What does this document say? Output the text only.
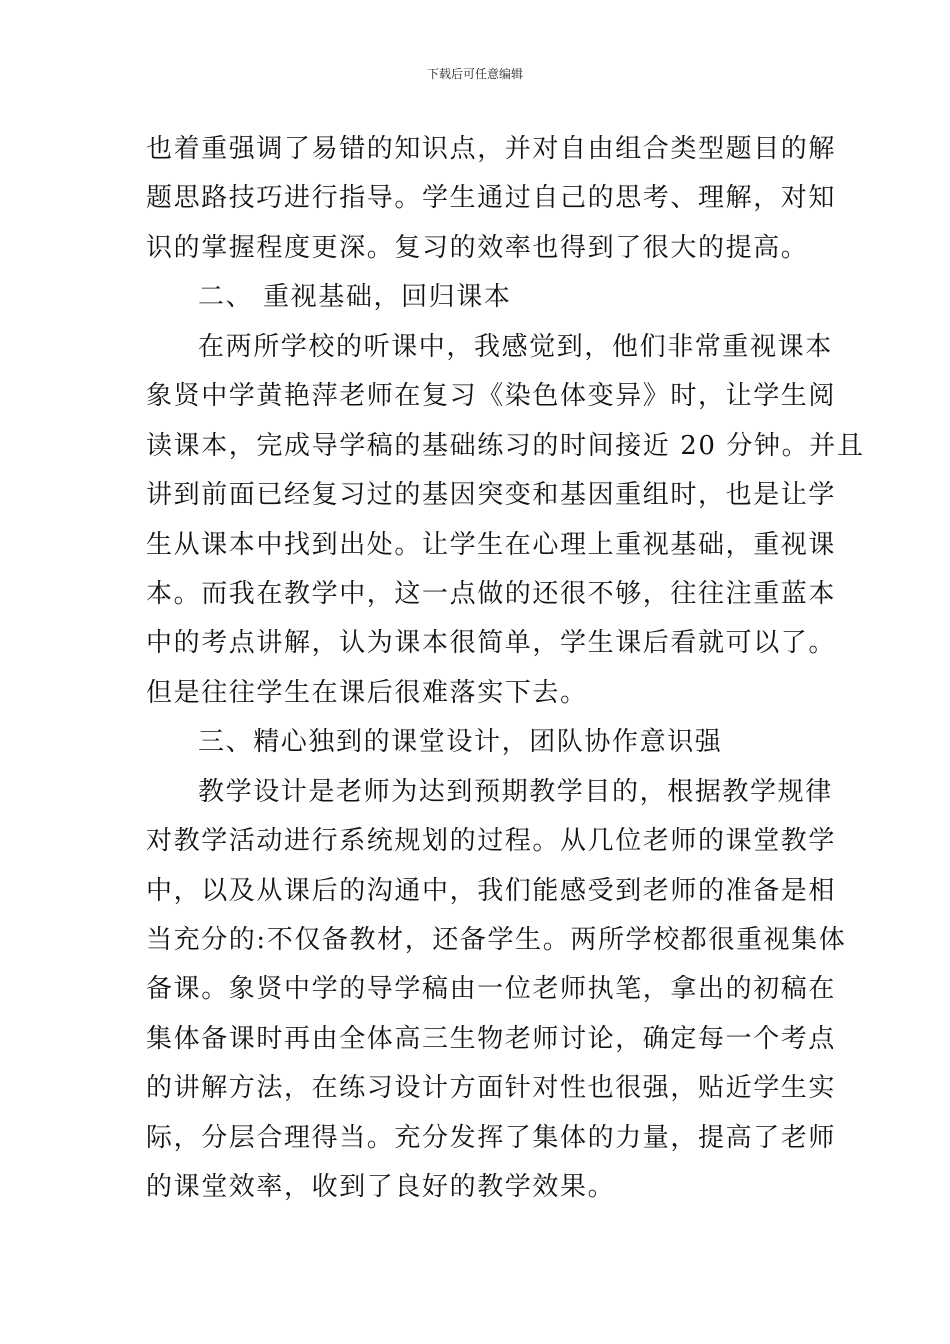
下载后可任意编辑
也着重强调了易错的知识点，并对自由组合类型题目的解
题思路技巧进行指导。学生通过自己的思考、理解，对知
识的掌握程度更深。复习的效率也得到了很大的提高。
二、 重视基础，回归课本
在两所学校的听课中，我感觉到，他们非常重视课本
象贤中学黄艳萍老师在复习《染色体变异》时，让学生阅
读课本，完成导学稿的基础练习的时间接近 20 分钟。并且
讲到前面已经复习过的基因突变和基因重组时，也是让学
生从课本中找到出处。让学生在心理上重视基础，重视课
本。而我在教学中，这一点做的还很不够，往往注重蓝本
中的考点讲解，认为课本很简单，学生课后看就可以了。
但是往往学生在课后很难落实下去。
三、精心独到的课堂设计，团队协作意识强
教学设计是老师为达到预期教学目的，根据教学规律
对教学活动进行系统规划的过程。从几位老师的课堂教学
中，以及从课后的沟通中，我们能感受到老师的准备是相
当充分的:不仅备教材，还备学生。两所学校都很重视集体
备课。象贤中学的导学稿由一位老师执笔，拿出的初稿在
集体备课时再由全体高三生物老师讨论，确定每一个考点
的讲解方法，在练习设计方面针对性也很强，贴近学生实
际，分层合理得当。充分发挥了集体的力量，提高了老师
的课堂效率，收到了良好的教学效果。
